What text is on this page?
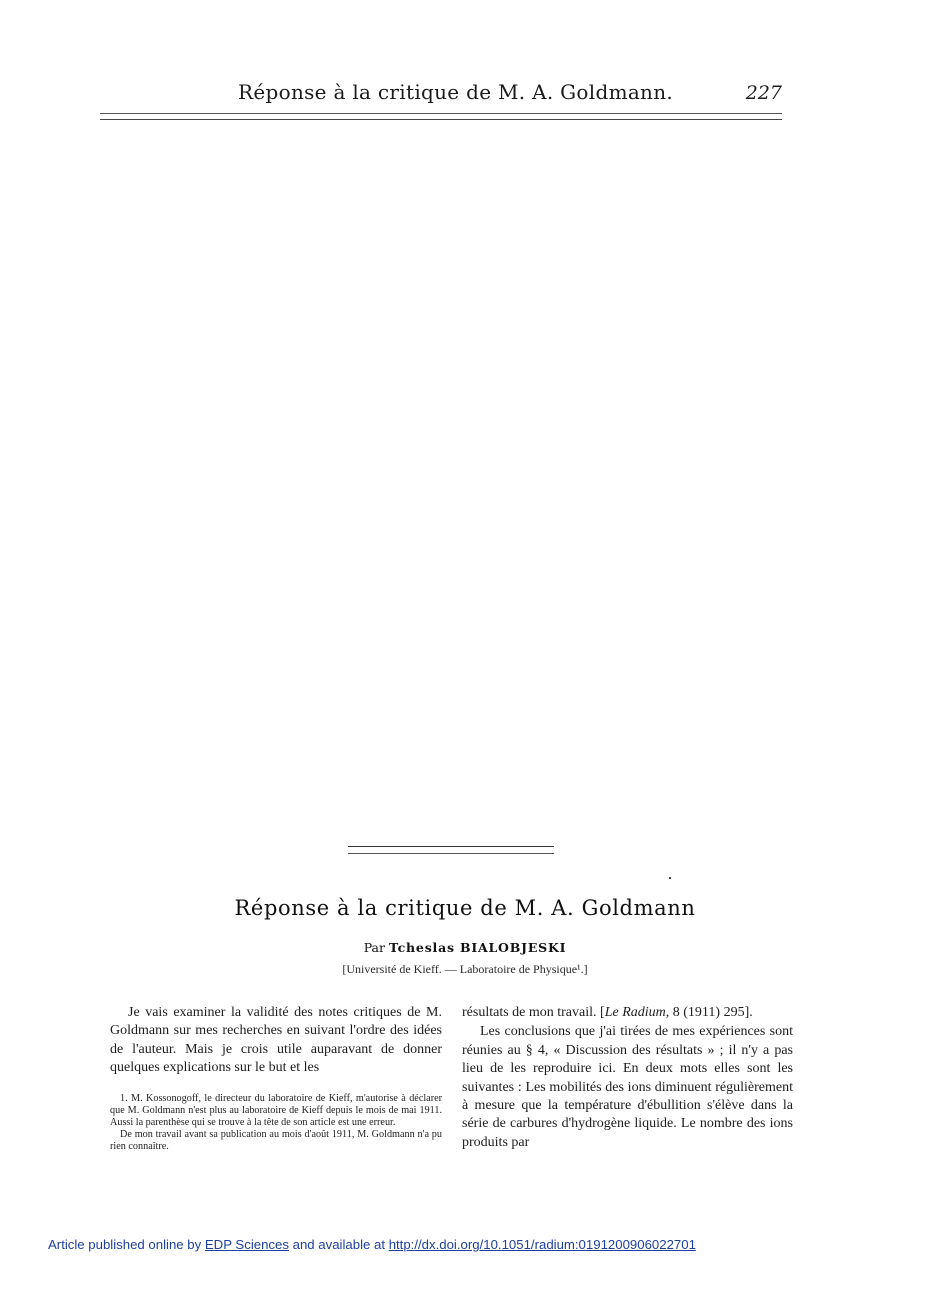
Réponse à la critique de M. A. Goldmann.	227
Réponse à la critique de M. A. Goldmann
Par Tcheslas BIALOBJESKI
[Université de Kieff. — Laboratoire de Physique¹.]

Je vais examiner la validité des notes critiques de M. Goldmann sur mes recherches en suivant l'ordre des idées de l'auteur. Mais je crois utile auparavant de donner quelques explications sur le but et les

1. M. Kossonogoff, le directeur du laboratoire de Kieff, m'autorise à déclarer que M. Goldmann n'est plus au laboratoire de Kieff depuis le mois de mai 1911. Aussi la parenthèse qui se trouve à la tête de son article est une erreur.

De mon travail avant sa publication au mois d'août 1911, M. Goldmann n'a pu rien connaître.

résultats de mon travail. [Le Radium, 8 (1911) 295].

Les conclusions que j'ai tirées de mes expériences sont réunies au § 4, « Discussion des résultats » ; il n'y a pas lieu de les reproduire ici. En deux mots elles sont les suivantes : Les mobilités des ions diminuent régulièrement à mesure que la température d'ébullition s'élève dans la série de carbures d'hydrogène liquide. Le nombre des ions produits par

Article published online by EDP Sciences and available at http://dx.doi.org/10.1051/radium:0191200906022701
